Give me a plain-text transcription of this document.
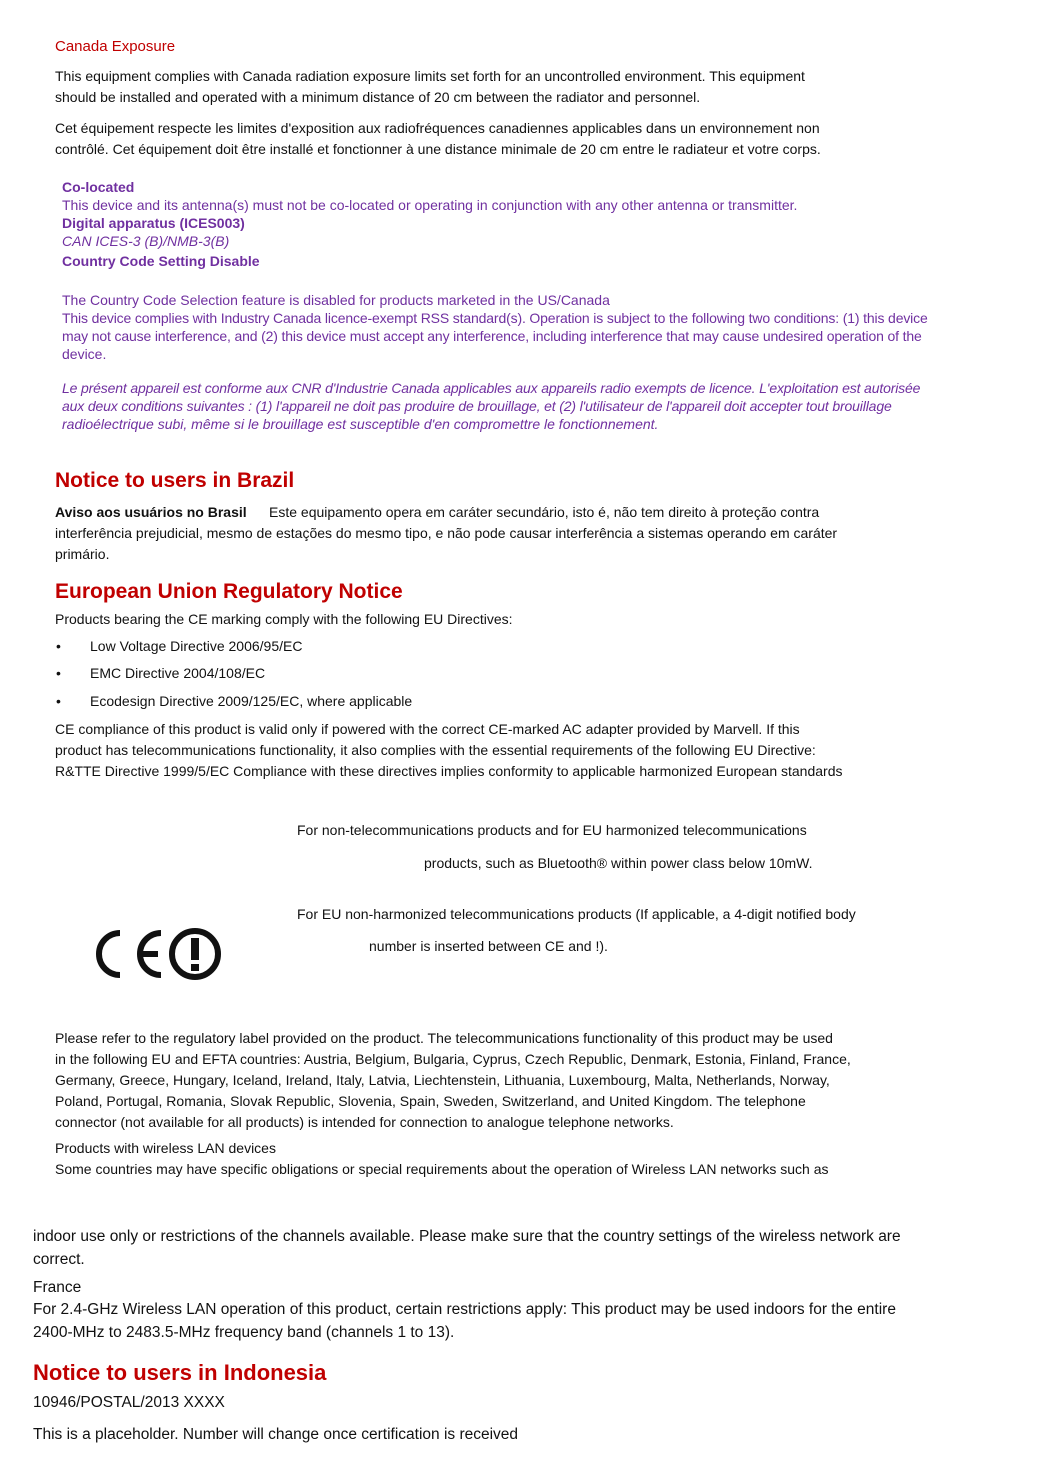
Canada Exposure
This equipment complies with Canada radiation exposure limits set forth for an uncontrolled environment. This equipment
should be installed and operated with a minimum distance of 20 cm between the radiator and personnel.
Cet équipement respecte les limites d'exposition aux radiofréquences canadiennes applicables dans un environnement non
contrôlé. Cet équipement doit être installé et fonctionner à une distance minimale de 20 cm entre le radiateur et votre corps.
Co-located
This device and its antenna(s) must not be co-located or operating in conjunction with any other antenna or transmitter.
Digital apparatus (ICES003)
CAN ICES-3 (B)/NMB-3(B)
Country Code Setting Disable
The Country Code Selection feature is disabled for products marketed in the US/Canada
This device complies with Industry Canada licence-exempt RSS standard(s). Operation is subject to the following two conditions: (1) this device
may not cause interference, and (2) this device must accept any interference, including interference that may cause undesired operation of the
device.
Le présent appareil est conforme aux CNR d'Industrie Canada applicables aux appareils radio exempts de licence. L'exploitation est autorisée
aux deux conditions suivantes : (1) l'appareil ne doit pas produire de brouillage, et (2) l'utilisateur de l'appareil doit accepter tout brouillage
radioélectrique subi, même si le brouillage est susceptible d'en compromettre le fonctionnement.
Notice to users in Brazil
Aviso aos usuários no Brasil Este equipamento opera em caráter secundário, isto é, não tem direito à proteção contra
interferência prejudicial, mesmo de estações do mesmo tipo, e não pode causar interferência a sistemas operando em caráter
primário.
European Union Regulatory Notice
Products bearing the CE marking comply with the following EU Directives:
• Low Voltage Directive 2006/95/EC
• EMC Directive 2004/108/EC
• Ecodesign Directive 2009/125/EC, where applicable
CE compliance of this product is valid only if powered with the correct CE-marked AC adapter provided by Marvell. If this
product has telecommunications functionality, it also complies with the essential requirements of the following EU Directive:
R&TTE Directive 1999/5/EC Compliance with these directives implies conformity to applicable harmonized European standards
For non-telecommunications products and for EU harmonized telecommunications
products, such as Bluetooth® within power class below 10mW.
For EU non-harmonized telecommunications products (If applicable, a 4-digit notified body
number is inserted between CE and !).
Please refer to the regulatory label provided on the product. The telecommunications functionality of this product may be used
in the following EU and EFTA countries: Austria, Belgium, Bulgaria, Cyprus, Czech Republic, Denmark, Estonia, Finland, France,
Germany, Greece, Hungary, Iceland, Ireland, Italy, Latvia, Liechtenstein, Lithuania, Luxembourg, Malta, Netherlands, Norway,
Poland, Portugal, Romania, Slovak Republic, Slovenia, Spain, Sweden, Switzerland, and United Kingdom. The telephone
connector (not available for all products) is intended for connection to analogue telephone networks.
Products with wireless LAN devices
Some countries may have specific obligations or special requirements about the operation of Wireless LAN networks such as
indoor use only or restrictions of the channels available. Please make sure that the country settings of the wireless network are
correct.
France
For 2.4-GHz Wireless LAN operation of this product, certain restrictions apply: This product may be used indoors for the entire
2400-MHz to 2483.5-MHz frequency band (channels 1 to 13).
Notice to users in Indonesia
10946/POSTAL/2013 XXXX
This is a placeholder. Number will change once certification is received
